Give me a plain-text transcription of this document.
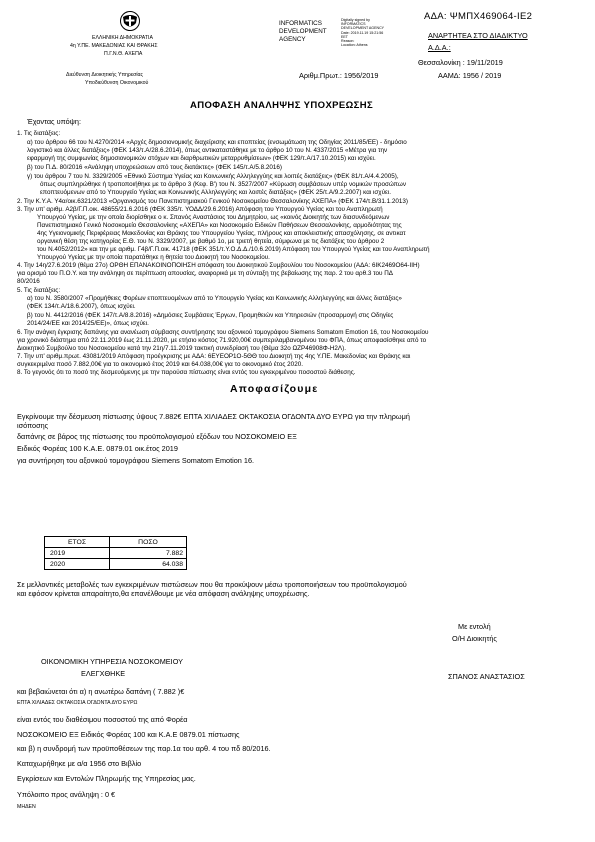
ΕΛΛΗΝΙΚΗ ΔΗΜΟΚΡΑΤΙΑ
4η Υ.ΠΕ. ΜΑΚΕΔΟΝΙΑΣ ΚΑΙ ΘΡΑΚΗΣ
Π.Γ.Ν.Θ. ΑΧΕΠΑ
Διεύθυνση Διοικητικής Υπηρεσίας
Υποδιεύθυνση Οικονομικού
INFORMATICS
DEVELOPMENT
AGENCY
Digitally signed by
INFORMATICS
DEVELOPMENT AGENCY
Date: 2019.11.19 15:21:56
EET
Reason:
Location: Athens
ΑΔΑ: ΨΜΠΧ469064-ΙΕ2
ΑΝΑΡΤΗΤΕΑ ΣΤΟ ΔΙΑΔΙΚΤΥΟ
Α.Δ.Α.:
Θεσσαλονίκη : 19/11/2019
Αριθμ.Πρωτ.: 1956/2019	ΑΑΜΔ: 1956 / 2019
ΑΠΟΦΑΣΗ ΑΝΑΛΗΨΗΣ ΥΠΟΧΡΕΩΣΗΣ
Έχοντας υπόψη:
1. Τις διατάξεις:
α) του άρθρου 66 του Ν.4270/2014 «Αρχές δημοσιονομικής διαχείρισης και εποπτείας (ενσωμάτωση της Οδηγίας 2011/85/ΕΕ) - δημόσιο
λογιστικό και άλλες διατάξεις» (ΦΕΚ 143/τ.Α/28.6.2014), όπως αντικαταστάθηκε με το άρθρο 10 του Ν. 4337/2015 «Μέτρα για την
εφαρμογή της συμφωνίας δημοσιονομικών στόχων και διαρθρωτικών μεταρρυθμίσεων» (ΦΕΚ 129/τ.Α/17.10.2015) και ισχύει.
β) του Π.Δ. 80/2016 «Ανάληψη υποχρεώσεων από τους διατάκτες» (ΦΕΚ 145/τ.Α/5.8.2016)
γ) του άρθρου 7 του Ν. 3329/2005 «Εθνικό Σύστημα Υγείας και Κοινωνικής Αλληλεγγύης και λοιπές διατάξεις» (ΦΕΚ 81/τ.Α/4.4.2005),
όπως συμπληρώθηκε ή τροποποιήθηκε με το άρθρο 3 (Κεφ. Β') του Ν. 3527/2007 «Κύρωση συμβάσεων υπέρ νομικών προσώπων
εποπτευόμενων από το Υπουργείο Υγείας και Κοινωνικής Αλληλεγγύης και λοιπές διατάξεις» (ΦΕΚ 25/τ.Α/9.2.2007) και ισχύει.
2. Την Κ.Υ.Α. Υ4α/οικ.6321/2013 «Οργανισμός του Πανεπιστημιακού Γενικού Νοσοκομείου Θεσσαλονίκης ΑΧΕΠΑ» (ΦΕΚ 174/τ.Β/31.1.2013)
3. Την υπ' αριθμ. Α2β/Γ.Π.οικ. 48655/21.6.2016 (ΦΕΚ 335/τ. ΥΟΔΔ/29.6.2016) Απόφαση του Υπουργού Υγείας και του Αναπληρωτή
Υπουργού Υγείας, με την οποία διορίσθηκε ο κ. Σπανός Αναστάσιος του Δημητρίου, ως «κοινός Διοικητής των διασυνδεόμενων
Πανεπιστημιακό Γενικό Νοσοκομείο Θεσσαλονίκης «ΑΧΕΠΑ» και Νοσοκομείο Ειδικών Παθήσεων Θεσσαλονίκης, αρμοδιότητας της
4ης Υγειονομικής Περιφέρειας Μακεδονίας και Θράκης του Υπουργείου Υγείας, πλήρους και αποκλειστικής απασχόλησης, σε αντικατ
οργανική θέση της κατηγορίας Ε.Θ. του Ν. 3329/2007, με βαθμό 1ο, με τριετή θητεία, σύμφωνα με τις διατάξεις του άρθρου 2
του Ν.4052/2012» και την με αριθμ. Γ4β/Γ.Π.οικ. 41718 (ΦΕΚ 351/τ.Υ.Ο.Δ.Δ./10.6.2019) Απόφαση του Υπουργού Υγείας και του Αναπληρωτή
Υπουργού Υγείας με την οποία παρατάθηκε η θητεία του Διοικητή του Νοσοκομείου.
4. Την 14η/27.6.2019 (θέμα 27ο) ΟΡΘΗ ΕΠΑΝΑΚΟΙΝΟΠΟΙΗΣΗ απόφαση του Διοικητικού Συμβουλίου του Νοσοκομείου (ΑΔΑ: 6ΙΚ2469Ο64-ΙΙΗ)
για ορισμό του Π.Ο.Υ. και την ανάληψη σε περίπτωση απουσίας, αναφορικά με τη σύνταξη της βεβαίωσης της παρ. 2 του αρθ.3 του ΠΔ
80/2016
5. Τις διατάξεις:
α) του Ν. 3580/2007 «Προμήθειες Φορέων εποπτευομένων από το Υπουργείο Υγείας και Κοινωνικής Αλληλεγγύης και άλλες διατάξεις»
(ΦΕΚ 134/τ.Α/18.6.2007), όπως ισχύει.
β) του Ν. 4412/2016 (ΦΕΚ 147/τ.Α/8.8.2016) «Δημόσιες Συμβάσεις Έργων, Προμηθειών και Υπηρεσιών (προσαρμογή στις Οδηγίες
2014/24/ΕΕ και 2014/25/ΕΕ)», όπως ισχύει.
6. Την ανάγκη έγκρισης δαπάνης για ανανέωση σύμβασης συντήρησης του αξονικού τομογράφου Siemens Somatom Emotion 16, του Νοσοκομείου
για χρονικό διάστημα από 22.11.2019 έως 21.11.2020, με ετήσιο κόστος 71.920,00€ συμπεριλαμβανομένου του ΦΠΑ, όπως αποφασίσθηκε από το
Διοικητικό Συμβούλιο του Νοσοκομείου κατά την 21η/7.11.2019 τακτική συνεδρίασή του (Θέμα 32ο ΩΖΡ46908Φ-Η2Λ).
7. Την υπ' αριθμ.πρωτ. 43081/2019 Απόφαση προέγκρισης με ΑΔΑ: 6ΕΥΕΟΡ1Ο-5ΘΘ του Διοικητή της 4ης Υ.ΠΕ. Μακεδονίας και Θράκης και
συγκεκριμένα ποσό 7.882,00€ για το οικονομικό έτος 2019 και 64.038,00€ για το οικονομικό έτος 2020.
8. Το γεγονός ότι το ποσό της δεσμευόμενης με την παρούσα πίστωσης είναι εντός του εγκεκριμένου ποσοστού διάθεσης.
Αποφασίζουμε
Εγκρίνουμε την δέσμευση πίστωσης ύψους 7.882€ ΕΠΤΑ ΧΙΛΙΑΔΕΣ ΟΚΤΑΚΟΣΙΑ ΟΓΔΟΝΤΑ ΔΥΟ ΕΥΡΩ για την πληρωμή
ισόποσης
δαπάνης σε βάρος της πίστωσης του προϋπολογισμού εξόδων του ΝΟΣΟΚΟΜΕΙΟ ΕΞ
Ειδικός Φορέας 100 Κ.Α.Ε. 0879.01 οικ.έτος 2019
για συντήρηση του αξονικού τομογράφου Siemens Somatom Emotion 16.
ΕΤΟΣ	ΠΟΣΟ
2019	7.882
2020	64.038
Σε μελλοντικές μεταβολές των εγκεκριμένων πιστώσεων που θα προκύψουν μέσω τροποποιήσεων του προϋπολογισμού
και εφόσον κρίνεται απαραίτητο,θα επανέλθουμε με νέα απόφαση ανάληψης υποχρέωσης.
Με εντολή
Ο/Η Διοικητής
ΣΠΑΝΟΣ ΑΝΑΣΤΑΣΙΟΣ
ΟΙΚΟΝΟΜΙΚΗ ΥΠΗΡΕΣΙΑ ΝΟΣΟΚΟΜΕΙΟΥ
ΕΛΕΓΧΘΗΚΕ
και βεβαιώνεται ότι α) η ανωτέρω δαπάνη ( 7.882 )€
ΕΠΤΑ ΧΙΛΙΑΔΕΣ ΟΚΤΑΚΟΣΙΑ ΟΓΔΟΝΤΑ ΔΥΟ ΕΥΡΩ
είναι εντός του διαθέσιμου ποσοστού της από Φορέα
ΝΟΣΟΚΟΜΕΙΟ ΕΞ Ειδικός Φορέας 100 και Κ.Α.Ε 0879.01 πίστωσης
και β) η συνδρομή των προϋποθέσεων της παρ.1α του αρθ. 4 του πδ 80/2016.
Καταχωρήθηκε με α/α 1956 στο Βιβλίο
Εγκρίσεων και Εντολών Πληρωμής της Υπηρεσίας μας.
Υπόλοιπο προς ανάληψη : 0 €
ΜΗΔΕΝ
